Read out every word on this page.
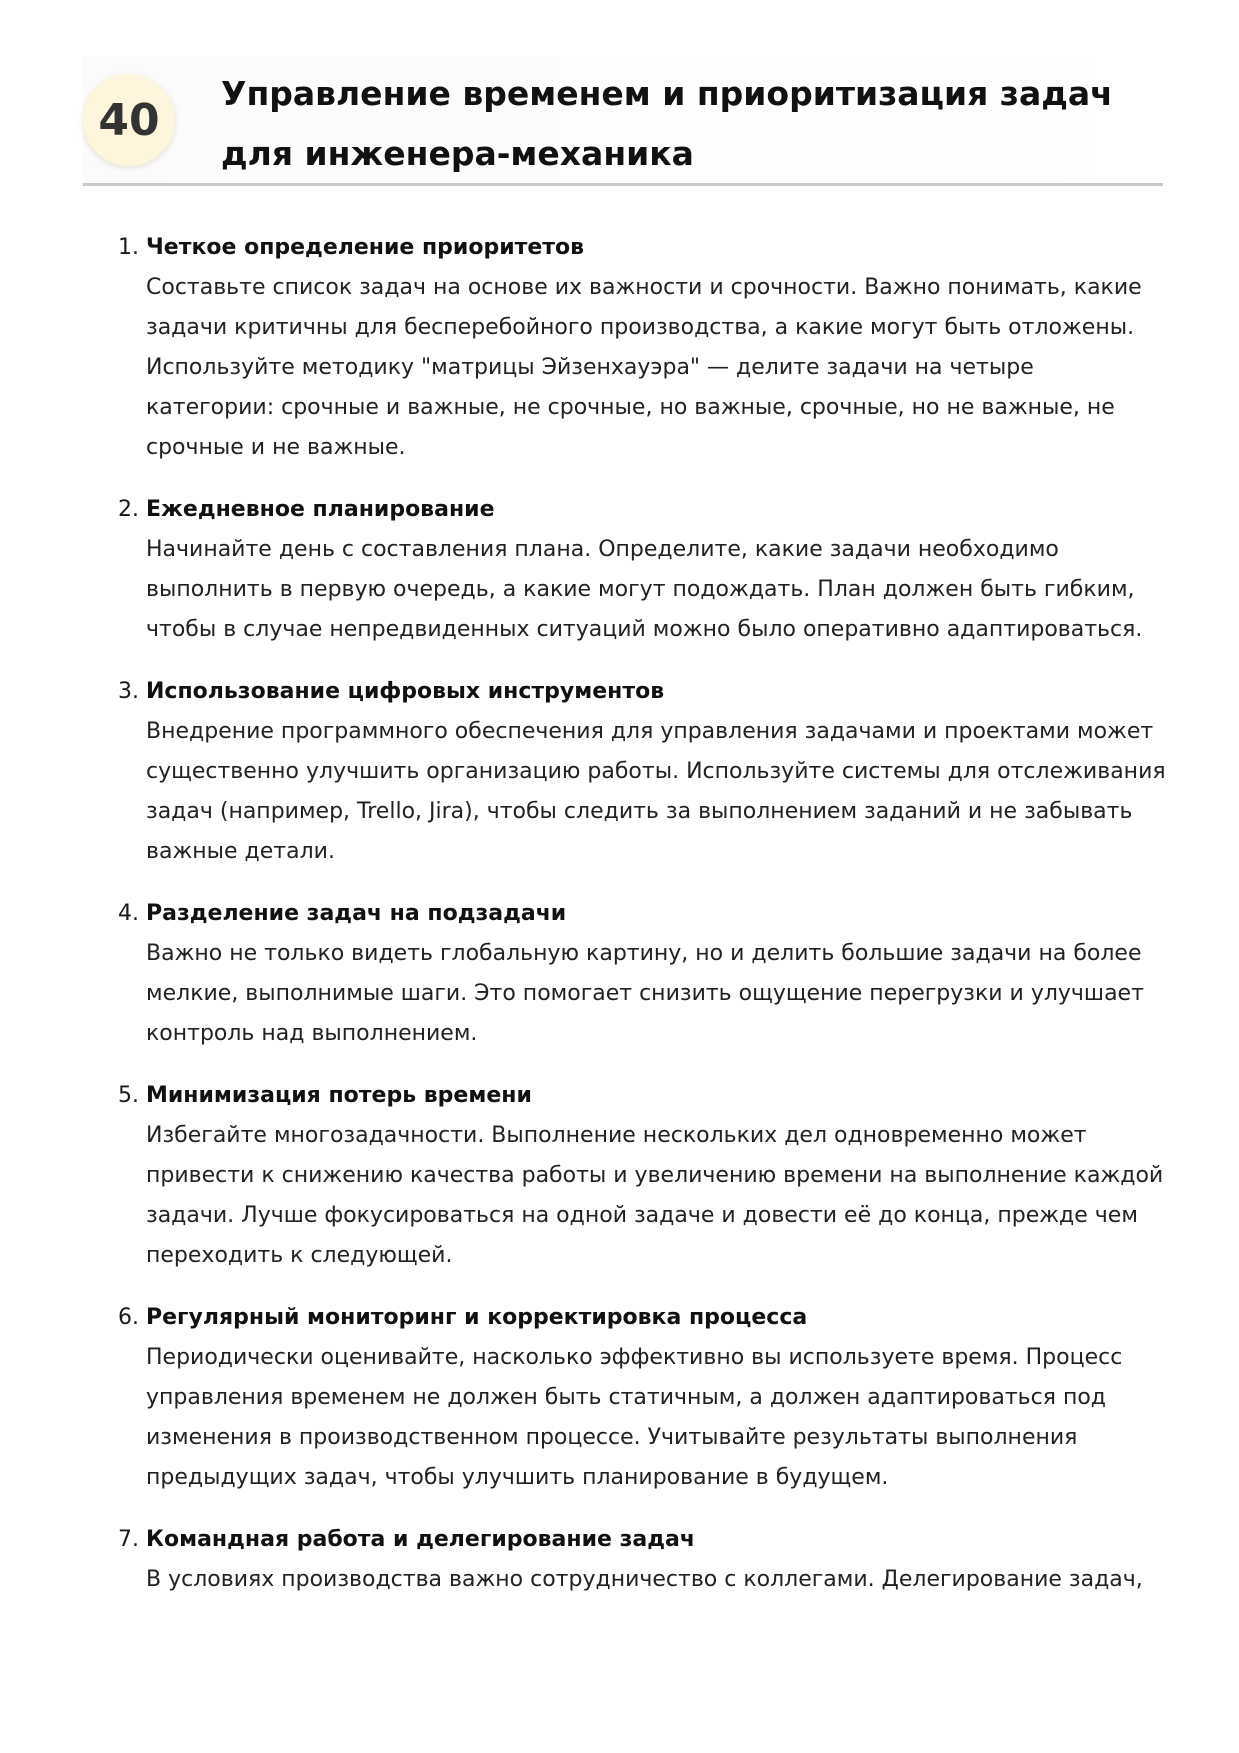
40
Управление временем и приоритизация задач для инженера-механика
1. Четкое определение приоритетов

Составьте список задач на основе их важности и срочности. Важно понимать, какие задачи критичны для бесперебойного производства, а какие могут быть отложены. Используйте методику "матрицы Эйзенхауэра" — делите задачи на четыре категории: срочные и важные, не срочные, но важные, срочные, но не важные, не срочные и не важные.

2. Ежедневное планирование

Начинайте день с составления плана. Определите, какие задачи необходимо выполнить в первую очередь, а какие могут подождать. План должен быть гибким, чтобы в случае непредвиденных ситуаций можно было оперативно адаптироваться.

3. Использование цифровых инструментов

Внедрение программного обеспечения для управления задачами и проектами может существенно улучшить организацию работы. Используйте системы для отслеживания задач (например, Trello, Jira), чтобы следить за выполнением заданий и не забывать важные детали.

4. Разделение задач на подзадачи

Важно не только видеть глобальную картину, но и делить большие задачи на более мелкие, выполнимые шаги. Это помогает снизить ощущение перегрузки и улучшает контроль над выполнением.

5. Минимизация потерь времени

Избегайте многозадачности. Выполнение нескольких дел одновременно может привести к снижению качества работы и увеличению времени на выполнение каждой задачи. Лучше фокусироваться на одной задаче и довести её до конца, прежде чем переходить к следующей.

6. Регулярный мониторинг и корректировка процесса

Периодически оценивайте, насколько эффективно вы используете время. Процесс управления временем не должен быть статичным, а должен адаптироваться под изменения в производственном процессе. Учитывайте результаты выполнения предыдущих задач, чтобы улучшить планирование в будущем.

7. Командная работа и делегирование задач

В условиях производства важно сотрудничество с коллегами. Делегирование задач,
